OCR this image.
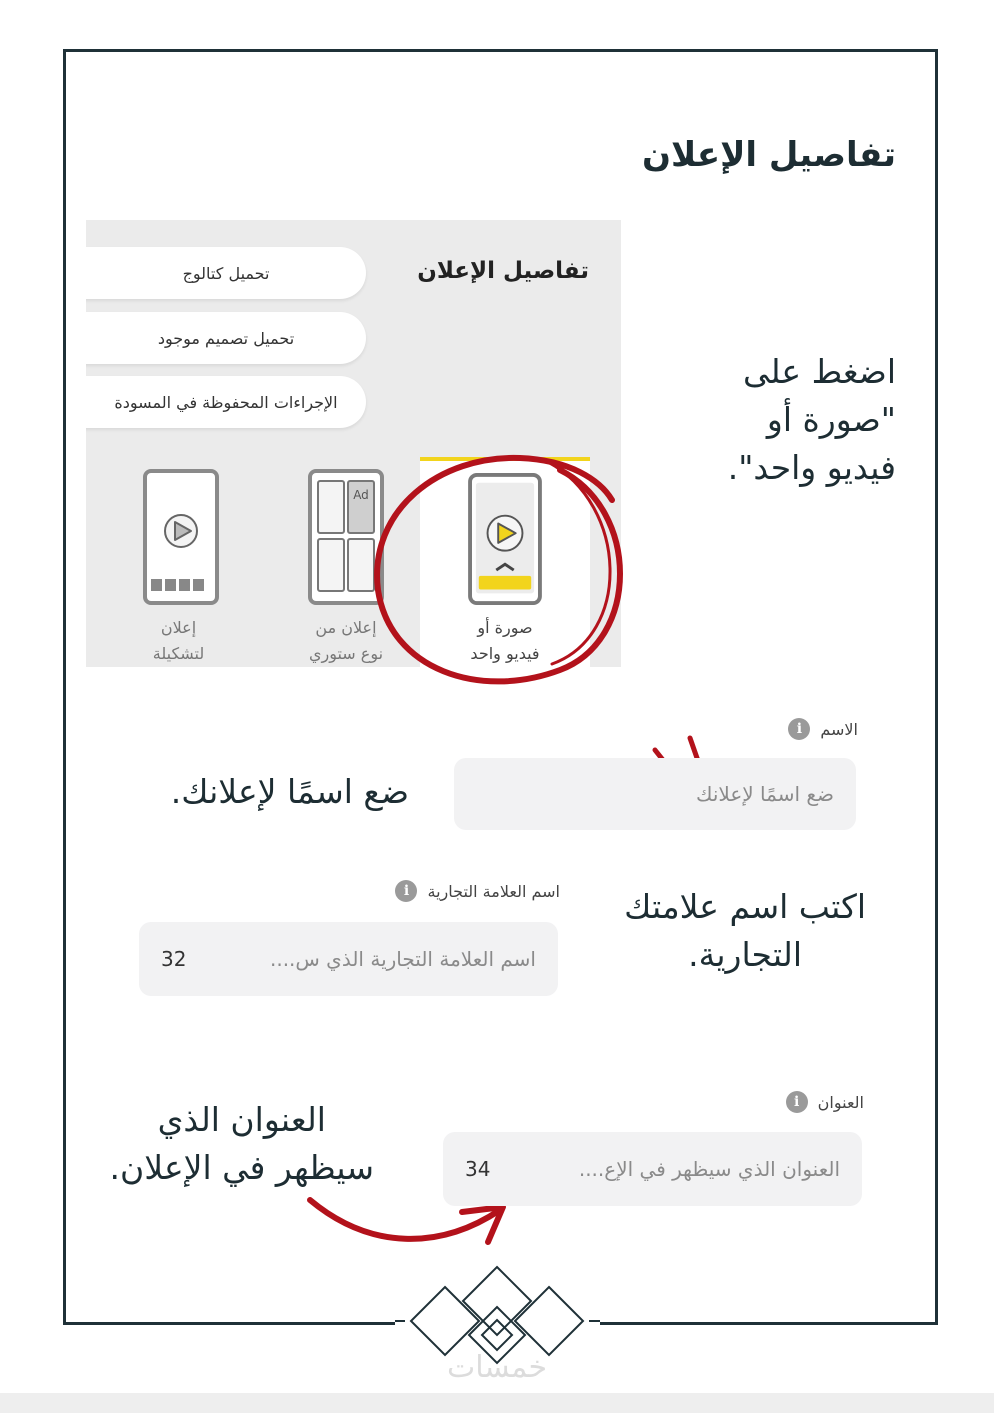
تفاصيل الإعلان
تفاصيل الإعلان
تحميل كتالوج
تحميل تصميم موجود
الإجراءات المحفوظة في المسودة
صورة أو
فيديو واحد
Ad
إعلان من
نوع ستوري
إعلان
لتشكيلة
اضغط على
"صورة أو
فيديو واحد".
ضع اسمًا لإعلانك.
اكتب اسم علامتك
التجارية.
العنوان الذي
سيظهر في الإعلان.
الاسم
i
ضع اسمًا لإعلانك
اسم العلامة التجارية
i
اسم العلامة التجارية الذي س....
32
العنوان
i
العنوان الذي سيظهر في الإع....
34
خمسات
